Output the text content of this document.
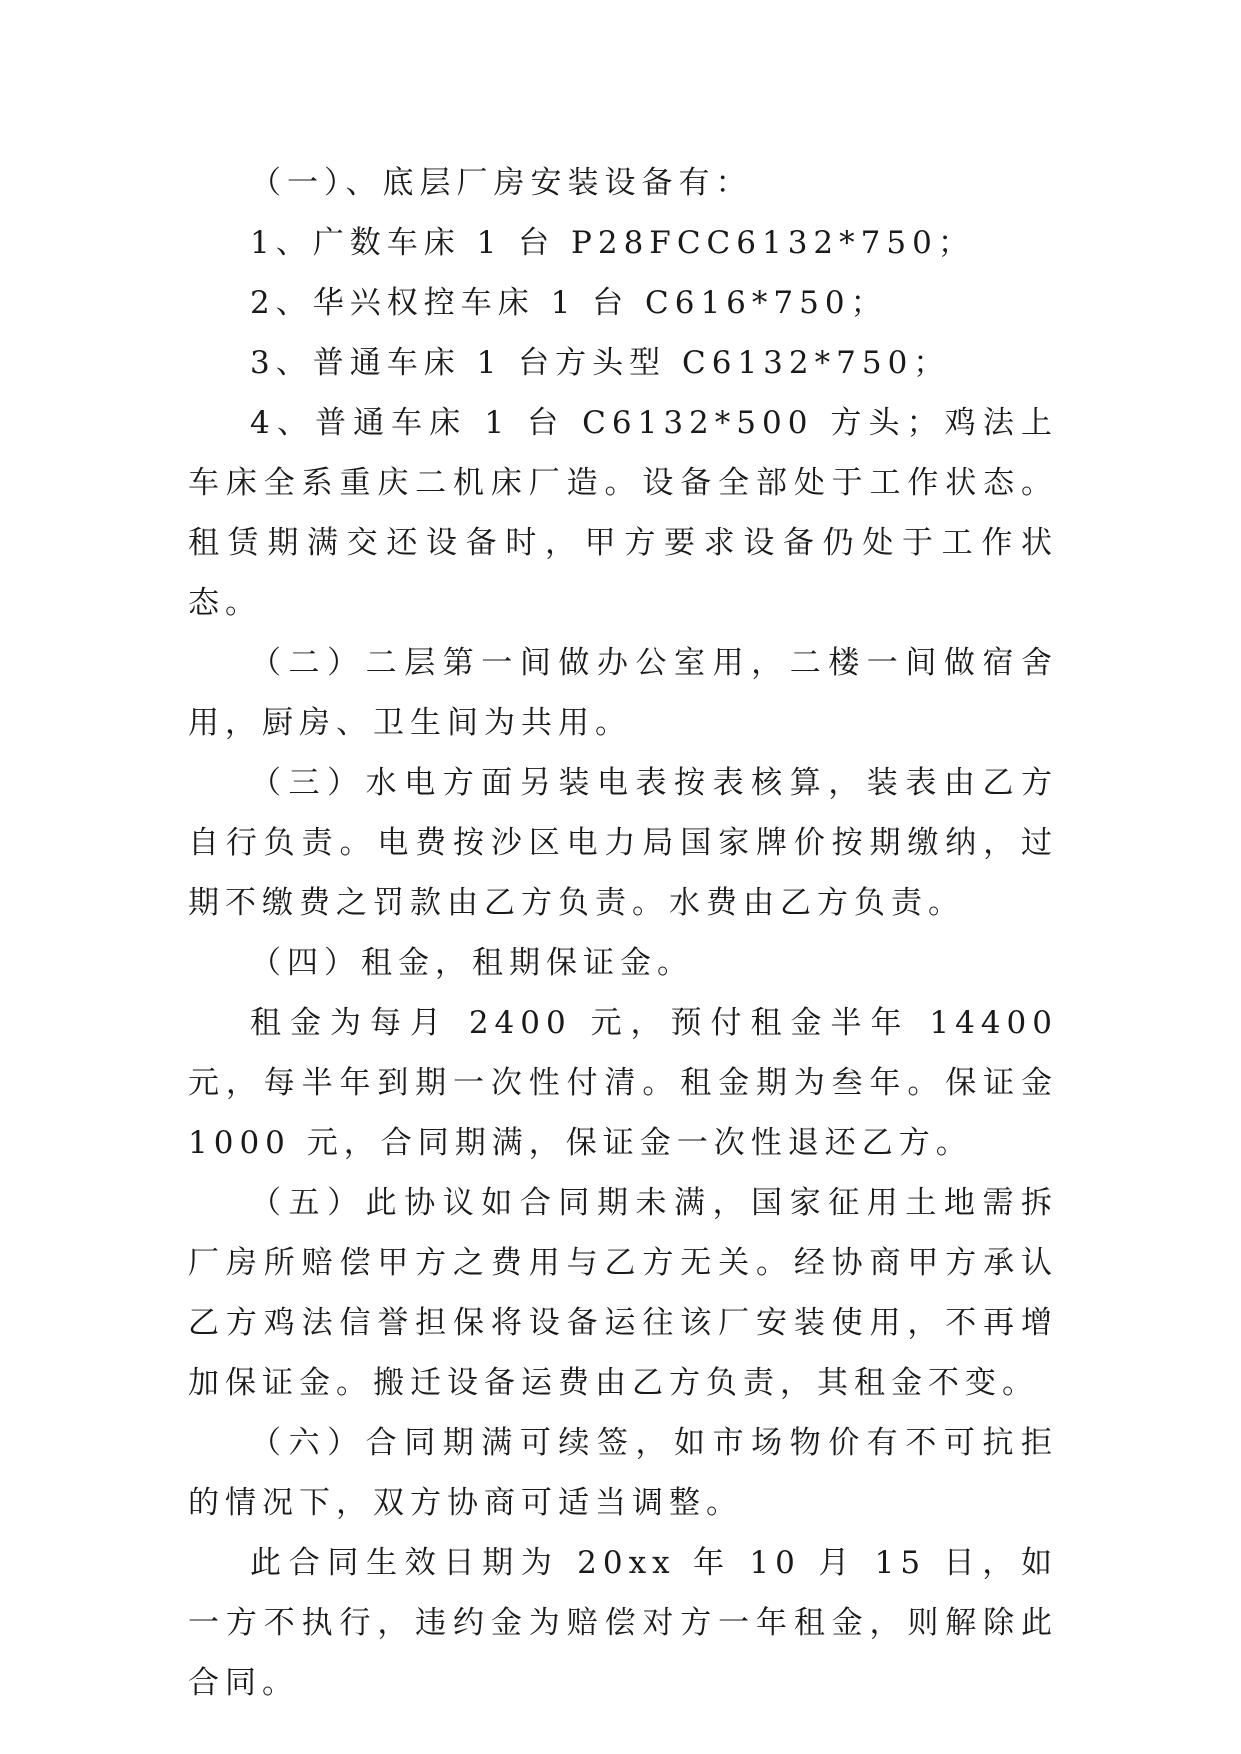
（一）、底层厂房安装设备有：

1、广数车床 1 台 P28FCC6132*750；

2、华兴权控车床 1 台 C616*750；

3、普通车床 1 台方头型 C6132*750；

4、普通车床 1 台 C6132*500 方头；鸡法上车床全系重庆二机床厂造。设备全部处于工作状态。租赁期满交还设备时，甲方要求设备仍处于工作状态。

（二）二层第一间做办公室用，二楼一间做宿舍用，厨房、卫生间为共用。

（三）水电方面另装电表按表核算，装表由乙方自行负责。电费按沙区电力局国家牌价按期缴纳，过期不缴费之罚款由乙方负责。水费由乙方负责。

（四）租金，租期保证金。

租金为每月 2400 元，预付租金半年 14400 元，每半年到期一次性付清。租金期为叁年。保证金 1000 元，合同期满，保证金一次性退还乙方。

（五）此协议如合同期未满，国家征用土地需拆厂房所赔偿甲方之费用与乙方无关。经协商甲方承认乙方鸡法信誉担保将设备运往该厂安装使用，不再增加保证金。搬迁设备运费由乙方负责，其租金不变。

（六）合同期满可续签，如市场物价有不可抗拒的情况下，双方协商可适当调整。

此合同生效日期为 20xx 年 10 月 15 日，如一方不执行，违约金为赔偿对方一年租金，则解除此合同。
